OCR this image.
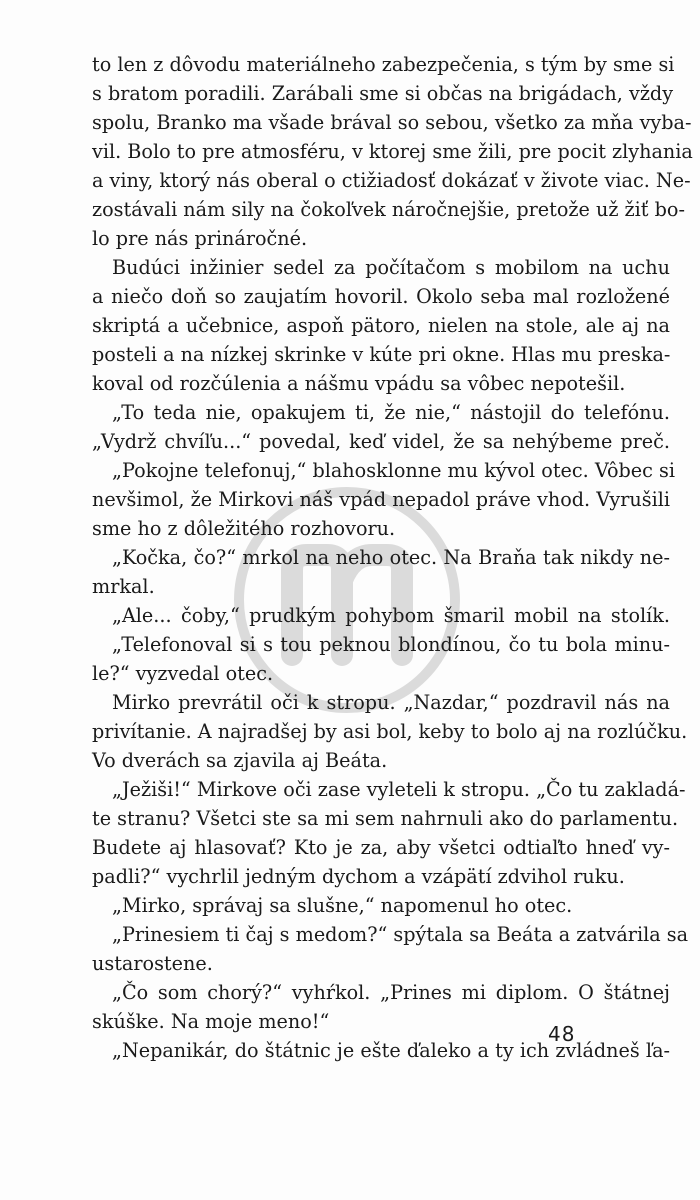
to len z dôvodu materiálneho zabezpečenia, s tým by sme si
s bratom poradili. Zarábali sme si občas na brigádach, vždy
spolu, Branko ma všade brával so sebou, všetko za mňa vyba-
vil. Bolo to pre atmosféru, v ktorej sme žili, pre pocit zlyhania
a viny, ktorý nás oberal o ctižiadosť dokázať v živote viac. Ne-
zostávali nám sily na čokoľvek náročnejšie, pretože už žiť bo-
lo pre nás prináročné.
Budúci inžinier sedel za počítačom s mobilom na uchu
a niečo doň so zaujatím hovoril. Okolo seba mal rozložené
skriptá a učebnice, aspoň pätoro, nielen na stole, ale aj na
posteli a na nízkej skrinke v kúte pri okne. Hlas mu preska-
koval od rozčúlenia a nášmu vpádu sa vôbec nepotešil.
„To teda nie, opakujem ti, že nie,“ nástojil do telefónu.
„Vydrž chvíľu...“ povedal, keď videl, že sa nehýbeme preč.
„Pokojne telefonuj,“ blahosklonne mu kývol otec. Vôbec si
nevšimol, že Mirkovi náš vpád nepadol práve vhod. Vyrušili
sme ho z dôležitého rozhovoru.
„Kočka, čo?“ mrkol na neho otec. Na Braňa tak nikdy ne-
mrkal.
„Ale... čoby,“ prudkým pohybom šmaril mobil na stolík.
„Telefonoval si s tou peknou blondínou, čo tu bola minu-
le?“ vyzvedal otec.
Mirko prevrátil oči k stropu. „Nazdar,“ pozdravil nás na
privítanie. A najradšej by asi bol, keby to bolo aj na rozlúčku.
Vo dverách sa zjavila aj Beáta.
„Ježiši!“ Mirkove oči zase vyleteli k stropu. „Čo tu zakladá-
te stranu? Všetci ste sa mi sem nahrnuli ako do parlamentu.
Budete aj hlasovať? Kto je za, aby všetci odtiaľto hneď vy-
padli?“ vychrlil jedným dychom a vzápätí zdvihol ruku.
„Mirko, správaj sa slušne,“ napomenul ho otec.
„Prinesiem ti čaj s medom?“ spýtala sa Beáta a zatvárila sa
ustarostene.
„Čo som chorý?“ vyhŕkol. „Prines mi diplom. O štátnej
skúške. Na moje meno!“
„Nepanikár, do štátnic je ešte ďaleko a ty ich zvládneš ľa-
48
